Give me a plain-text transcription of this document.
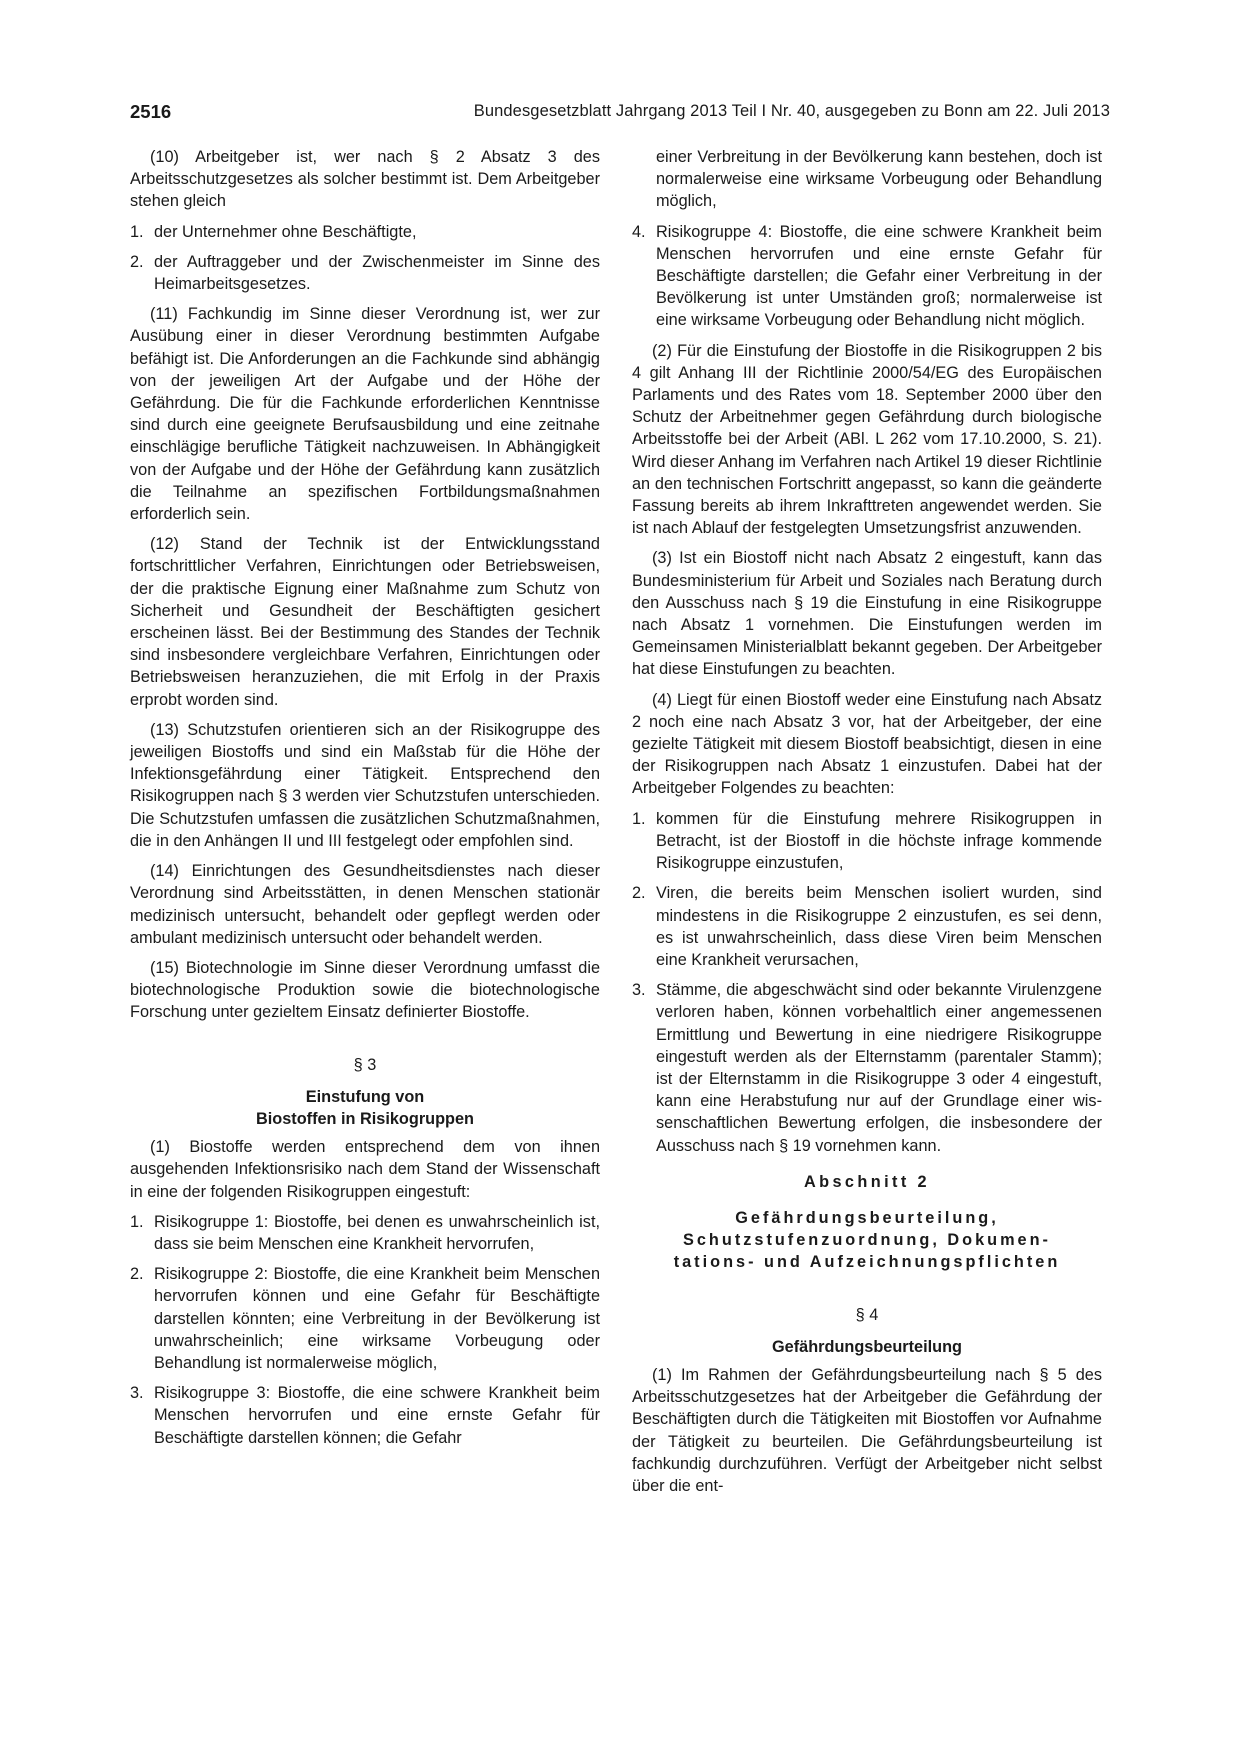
2516	Bundesgesetzblatt Jahrgang 2013 Teil I Nr. 40, ausgegeben zu Bonn am 22. Juli 2013

(10) Arbeitgeber ist, wer nach § 2 Absatz 3 des Arbeitsschutzgesetzes als solcher bestimmt ist. Dem Arbeitgeber stehen gleich

1. der Unternehmer ohne Beschäftigte,
2. der Auftraggeber und der Zwischenmeister im Sinne des Heimarbeitsgesetzes.

(11) Fachkundig im Sinne dieser Verordnung ist, wer zur Ausübung einer in dieser Verordnung bestimmten Aufgabe befähigt ist. Die Anforderungen an die Fachkunde sind abhängig von der jeweiligen Art der Aufgabe und der Höhe der Gefährdung. Die für die Fachkunde erforderlichen Kenntnisse sind durch eine geeignete Berufsausbildung und eine zeitnahe einschlägige berufliche Tätigkeit nachzuweisen. In Abhängigkeit von der Aufgabe und der Höhe der Gefährdung kann zusätzlich die Teilnahme an spezifischen Fortbildungsmaßnahmen erforderlich sein.

(12) Stand der Technik ist der Entwicklungsstand fortschrittlicher Verfahren, Einrichtungen oder Betriebsweisen, der die praktische Eignung einer Maßnahme zum Schutz von Sicherheit und Gesundheit der Beschäftigten gesichert erscheinen lässt. Bei der Bestimmung des Standes der Technik sind insbesondere vergleichbare Verfahren, Einrichtungen oder Betriebsweisen heranzuziehen, die mit Erfolg in der Praxis erprobt worden sind.

(13) Schutzstufen orientieren sich an der Risikogruppe des jeweiligen Biostoffs und sind ein Maßstab für die Höhe der Infektionsgefährdung einer Tätigkeit. Entsprechend den Risikogruppen nach § 3 werden vier Schutzstufen unterschieden. Die Schutzstufen umfassen die zusätzlichen Schutzmaßnahmen, die in den Anhängen II und III festgelegt oder empfohlen sind.

(14) Einrichtungen des Gesundheitsdienstes nach dieser Verordnung sind Arbeitsstätten, in denen Menschen stationär medizinisch untersucht, behandelt oder gepflegt werden oder ambulant medizinisch untersucht oder behandelt werden.

(15) Biotechnologie im Sinne dieser Verordnung umfasst die biotechnologische Produktion sowie die biotechnologische Forschung unter gezieltem Einsatz definierter Biostoffe.

§ 3
Einstufung von
Biostoffen in Risikogruppen

(1) Biostoffe werden entsprechend dem von ihnen ausgehenden Infektionsrisiko nach dem Stand der Wissenschaft in eine der folgenden Risikogruppen eingestuft:

1. Risikogruppe 1: Biostoffe, bei denen es unwahrscheinlich ist, dass sie beim Menschen eine Krankheit hervorrufen,
2. Risikogruppe 2: Biostoffe, die eine Krankheit beim Menschen hervorrufen können und eine Gefahr für Beschäftigte darstellen könnten; eine Verbreitung in der Bevölkerung ist unwahrscheinlich; eine wirksame Vorbeugung oder Behandlung ist normalerweise möglich,
3. Risikogruppe 3: Biostoffe, die eine schwere Krankheit beim Menschen hervorrufen und eine ernste Gefahr für Beschäftigte darstellen können; die Gefahr
einer Verbreitung in der Bevölkerung kann bestehen, doch ist normalerweise eine wirksame Vorbeugung oder Behandlung möglich,
4. Risikogruppe 4: Biostoffe, die eine schwere Krankheit beim Menschen hervorrufen und eine ernste Gefahr für Beschäftigte darstellen; die Gefahr einer Verbreitung in der Bevölkerung ist unter Umständen groß; normalerweise ist eine wirksame Vorbeugung oder Behandlung nicht möglich.

(2) Für die Einstufung der Biostoffe in die Risikogruppen 2 bis 4 gilt Anhang III der Richtlinie 2000/54/EG des Europäischen Parlaments und des Rates vom 18. September 2000 über den Schutz der Arbeitnehmer gegen Gefährdung durch biologische Arbeitsstoffe bei der Arbeit (ABl. L 262 vom 17.10.2000, S. 21). Wird dieser Anhang im Verfahren nach Artikel 19 dieser Richtlinie an den technischen Fortschritt angepasst, so kann die geänderte Fassung bereits ab ihrem Inkrafttreten angewendet werden. Sie ist nach Ablauf der festgelegten Umsetzungsfrist anzuwenden.

(3) Ist ein Biostoff nicht nach Absatz 2 eingestuft, kann das Bundesministerium für Arbeit und Soziales nach Beratung durch den Ausschuss nach § 19 die Einstufung in eine Risikogruppe nach Absatz 1 vornehmen. Die Einstufungen werden im Gemeinsamen Ministerialblatt bekannt gegeben. Der Arbeitgeber hat diese Einstufungen zu beachten.

(4) Liegt für einen Biostoff weder eine Einstufung nach Absatz 2 noch eine nach Absatz 3 vor, hat der Arbeitgeber, der eine gezielte Tätigkeit mit diesem Biostoff beabsichtigt, diesen in eine der Risikogruppen nach Absatz 1 einzustufen. Dabei hat der Arbeitgeber Folgendes zu beachten:

1. kommen für die Einstufung mehrere Risikogruppen in Betracht, ist der Biostoff in die höchste infrage kommende Risikogruppe einzustufen,
2. Viren, die bereits beim Menschen isoliert wurden, sind mindestens in die Risikogruppe 2 einzustufen, es sei denn, es ist unwahrscheinlich, dass diese Viren beim Menschen eine Krankheit verursachen,
3. Stämme, die abgeschwächt sind oder bekannte Virulenzgene verloren haben, können vorbehaltlich einer angemessenen Ermittlung und Bewertung in eine niedrigere Risikogruppe eingestuft werden als der Elternstamm (parentaler Stamm); ist der Elternstamm in die Risikogruppe 3 oder 4 eingestuft, kann eine Herabstufung nur auf der Grundlage einer wissenschaftlichen Bewertung erfolgen, die insbesondere der Ausschuss nach § 19 vornehmen kann.
Abschnitt 2
Gefährdungsbeurteilung,
Schutzstufenzuordnung, Dokumen-
tations- und Aufzeichnungspflichten
§ 4
Gefährdungsbeurteilung

(1) Im Rahmen der Gefährdungsbeurteilung nach § 5 des Arbeitsschutzgesetzes hat der Arbeitgeber die Gefährdung der Beschäftigten durch die Tätigkeiten mit Biostoffen vor Aufnahme der Tätigkeit zu beurteilen. Die Gefährdungsbeurteilung ist fachkundig durchzuführen. Verfügt der Arbeitgeber nicht selbst über die ent-
